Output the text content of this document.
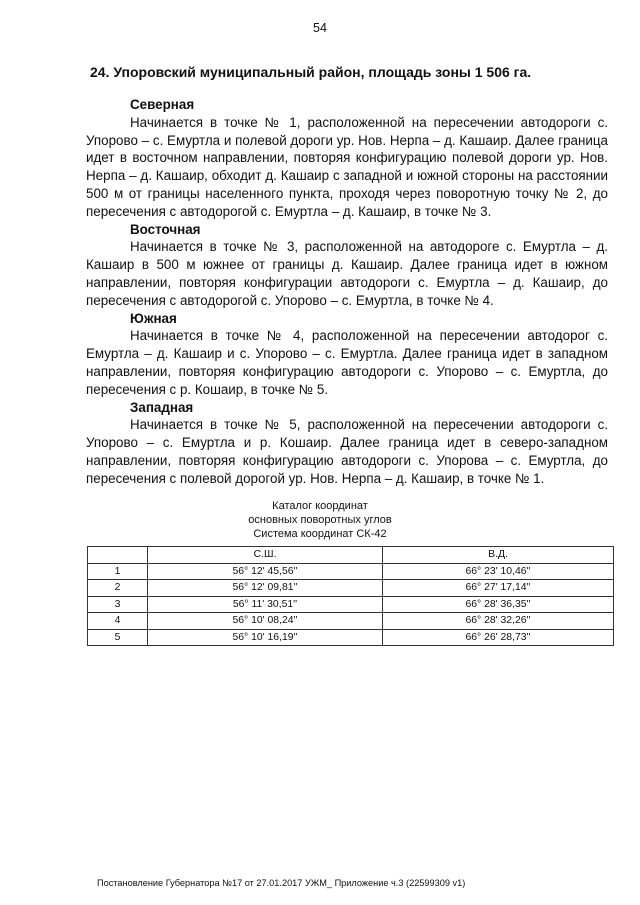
54
24. Упоровский муниципальный район, площадь зоны 1 506 га.

Северная

Начинается в точке № 1, расположенной на пересечении автодороги с. Упорово – с. Емуртла и полевой дороги ур. Нов. Нерпа – д. Кашаир. Далее граница идет в восточном направлении, повторяя конфигурацию полевой дороги ур. Нов. Нерпа – д. Кашаир, обходит д. Кашаир с западной и южной стороны на расстоянии 500 м от границы населенного пункта, проходя через поворотную точку № 2, до пересечения с автодорогой с. Емуртла – д. Кашаир, в точке № 3.

Восточная

Начинается в точке № 3, расположенной на автодороге с. Емуртла – д. Кашаир в 500 м южнее от границы д. Кашаир. Далее граница идет в южном направлении, повторяя конфигурации автодороги с. Емуртла – д. Кашаир, до пересечения с автодорогой с. Упорово – с. Емуртла, в точке № 4.

Южная

Начинается в точке № 4, расположенной на пересечении автодорог с. Емуртла – д. Кашаир и с. Упорово – с. Емуртла. Далее граница идет в западном направлении, повторяя конфигурацию автодороги с. Упорово – с. Емуртла, до пересечения с р. Кошаир, в точке № 5.

Западная

Начинается в точке № 5, расположенной на пересечении автодороги с. Упорово – с. Емуртла и р. Кошаир. Далее граница идет в северо-западном направлении, повторяя конфигурацию автодороги с. Упорова – с. Емуртла, до пересечения с полевой дорогой ур. Нов. Нерпа – д. Кашаир, в точке № 1.

Каталог координат
основных поворотных углов
Система координат СК-42
	С.Ш.	В.Д.
1	56° 12' 45,56''	66° 23' 10,46''
2	56° 12' 09,81''	66° 27' 17,14''
3	56° 11' 30,51''	66° 28' 36,35''
4	56° 10' 08,24''	66° 28' 32,26''
5	56° 10' 16,19''	66° 26' 28,73''
Постановление Губернатора №17 от 27.01.2017 УЖМ_ Приложение ч.3 (22599309 v1)
